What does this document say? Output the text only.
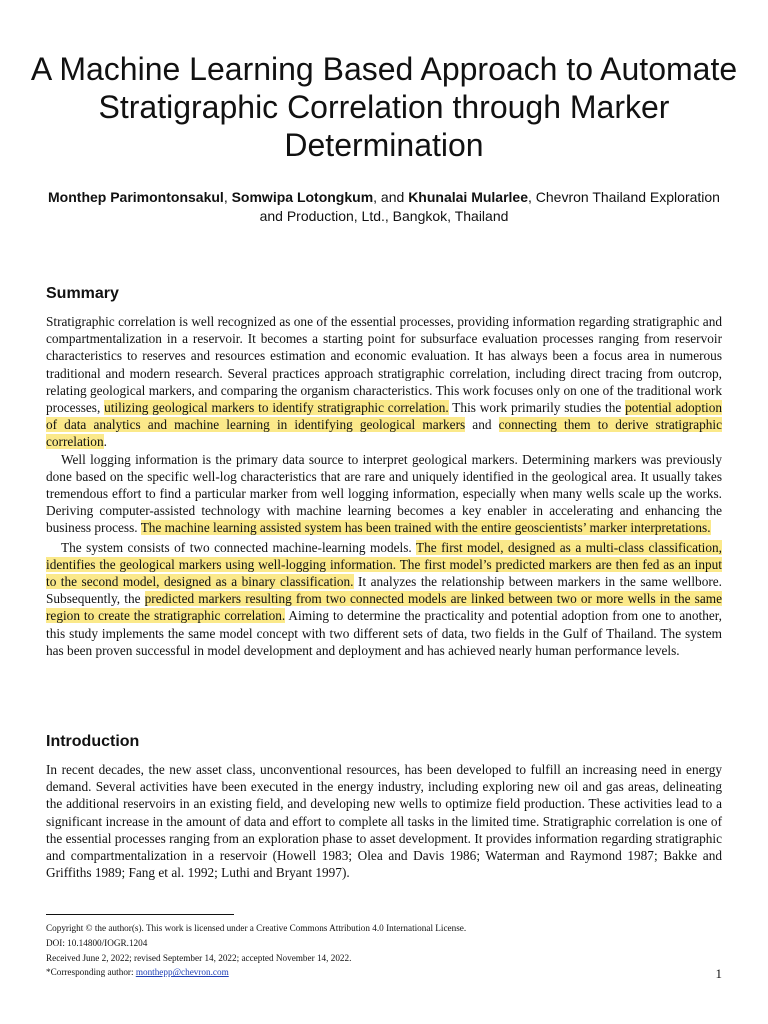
A Machine Learning Based Approach to Automate Stratigraphic Correlation through Marker Determination
Monthep Parimontonsakul, Somwipa Lotongkum, and Khunalai Mularlee, Chevron Thailand Exploration and Production, Ltd., Bangkok, Thailand
Summary

Stratigraphic correlation is well recognized as one of the essential processes, providing information regarding stratigraphic and compartmentalization in a reservoir. It becomes a starting point for subsurface evaluation processes ranging from reservoir characteristics to reserves and resources estimation and economic evaluation. It has always been a focus area in numerous traditional and modern research. Several practices approach stratigraphic correlation, including direct tracing from outcrop, relating geological markers, and comparing the organism characteristics. This work focuses only on one of the traditional work processes, utilizing geological markers to identify stratigraphic correlation. This work primarily studies the potential adoption of data analytics and machine learning in identifying geological markers and connecting them to derive stratigraphic correlation.

Well logging information is the primary data source to interpret geological markers. Determining markers was previously done based on the specific well-log characteristics that are rare and uniquely identified in the geological area. It usually takes tremendous effort to find a particular marker from well logging information, especially when many wells scale up the works. Deriving computer-assisted technology with machine learning becomes a key enabler in accelerating and enhancing the business process. The machine learning assisted system has been trained with the entire geoscientists’ marker interpretations.

The system consists of two connected machine-learning models. The first model, designed as a multi-class classification, identifies the geological markers using well-logging information. The first model’s predicted markers are then fed as an input to the second model, designed as a binary classification. It analyzes the relationship between markers in the same wellbore. Subsequently, the predicted markers resulting from two connected models are linked between two or more wells in the same region to create the stratigraphic correlation. Aiming to determine the practicality and potential adoption from one to another, this study implements the same model concept with two different sets of data, two fields in the Gulf of Thailand. The system has been proven successful in model development and deployment and has achieved nearly human performance levels.

Introduction

In recent decades, the new asset class, unconventional resources, has been developed to fulfill an increasing need in energy demand. Several activities have been executed in the energy industry, including exploring new oil and gas areas, delineating the additional reservoirs in an existing field, and developing new wells to optimize field production. These activities lead to a significant increase in the amount of data and effort to complete all tasks in the limited time. Stratigraphic correlation is one of the essential processes ranging from an exploration phase to asset development. It provides information regarding stratigraphic and compartmentalization in a reservoir (Howell 1983; Olea and Davis 1986; Waterman and Raymond 1987; Bakke and Griffiths 1989; Fang et al. 1992; Luthi and Bryant 1997).

Copyright © the author(s). This work is licensed under a Creative Commons Attribution 4.0 International License.
DOI: 10.14800/IOGR.1204
Received June 2, 2022; revised September 14, 2022; accepted November 14, 2022.
*Corresponding author: monthepp@chevron.com	1
